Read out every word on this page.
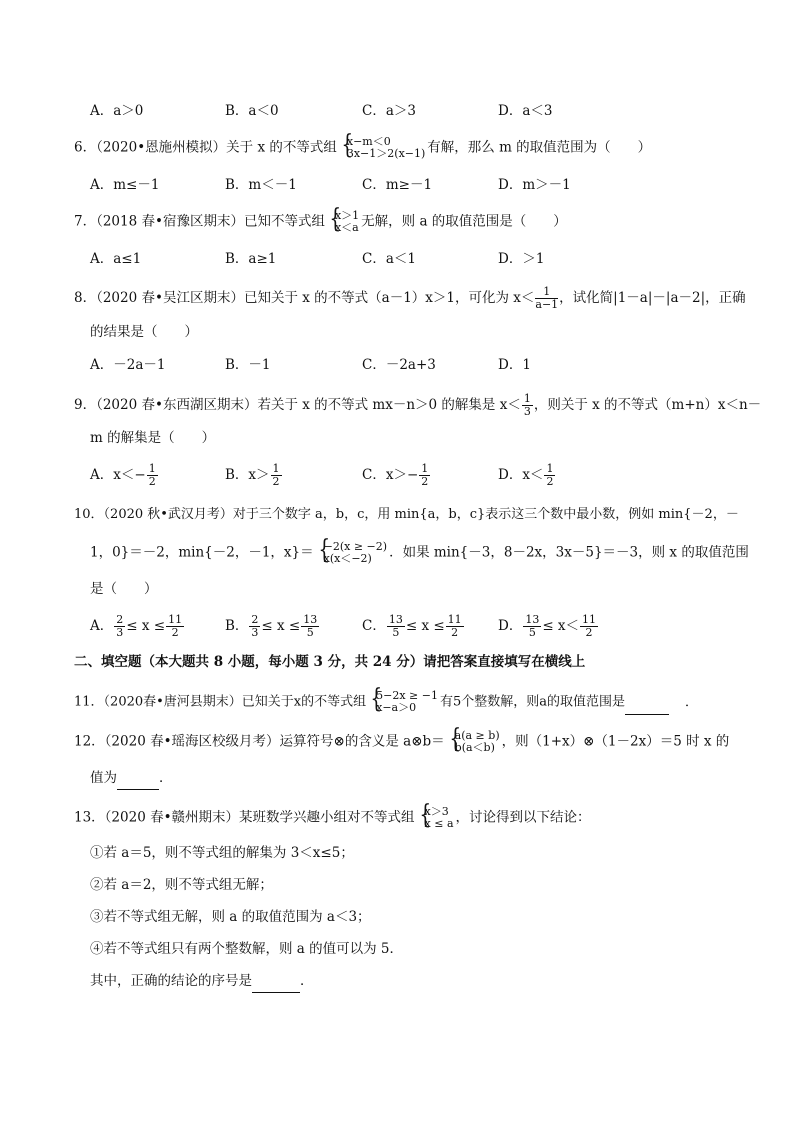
A．a＞0	B．a＜0	C．a＞3	D．a＜3
6．（2020•恩施州模拟）关于 x 的不等式组 { x−m＜0
3x−1＞2(x−1) 有解，那么 m 的取值范围为（　　）
A．m≤－1	B．m＜－1	C．m≥－1	D．m＞－1
7．（2018 春•宿豫区期末）已知不等式组 { x＞1
x＜a 无解，则 a 的取值范围是（　　）
A．a≤1	B．a≥1	C．a＜1	D．＞1
8．（2020 春•吴江区期末）已知关于 x 的不等式（a－1）x＞1，可化为 $x< \frac{1}{a-1}$ ，试化简|1－a|－|a－2|，正确
的结果是（　　）
A．－2a－1	B．－1	C．－2a+3	D．1
9．（2020 春•东西湖区期末）若关于 x 的不等式 mx－n＞0 的解集是 $x< \frac{1}{3}$ ，则关于 x 的不等式（m+n）x＜n－
m 的解集是（　　）
A．$x<- \frac{1}{2}$	B．$x> \frac{1}{2}$	C．$x>- \frac{1}{2}$	D．$x< \frac{1}{2}$
10．（2020 秋•武汉月考）对于三个数字 a，b，c，用 min{a，b，c}表示这三个数中最小数，例如 min{－2，－
1，0}＝－2，min{－2，－1，x}＝ { −2(x ≥ −2)
x(x＜−2)	．如果 min{－3，8－2x，3x－5}＝－3，则 x 的取值范围
是（　　）
A． $\frac{2}{3} \le x \le \frac{11}{2}$	B． $\frac{2}{3} \le x \le \frac{13}{5}$	C． $\frac{13}{5} \le x \le \frac{11}{2}$	D． $\frac{13}{5} \le x< \frac{11}{2}$
二、填空题（本大题共 8 小题，每小题 3 分，共 24 分）请把答案直接填写在横线上
11．（2020春•唐河县期末）已知关于x的不等式组 { 5−2x ≥ −1
x−a＞0	有5个整数解，则a的取值范围是	．
12．（2020 春•瑶海区校级月考）运算符号⊗的含义是 a⊗b＝ { a(a ≥ b)
b(a＜b) ，则（1+x）⊗（1－2x）＝5 时 x 的
值为	．
13．（2020 春•赣州期末）某班数学兴趣小组对不等式组 { x＞3
x ≤ a ，讨论得到以下结论：
①若 a＝5，则不等式组的解集为 3＜x≤5；
②若 a＝2，则不等式组无解；
③若不等式组无解，则 a 的取值范围为 a＜3；
④若不等式组只有两个整数解，则 a 的值可以为 5．
其中，正确的结论的序号是	．
